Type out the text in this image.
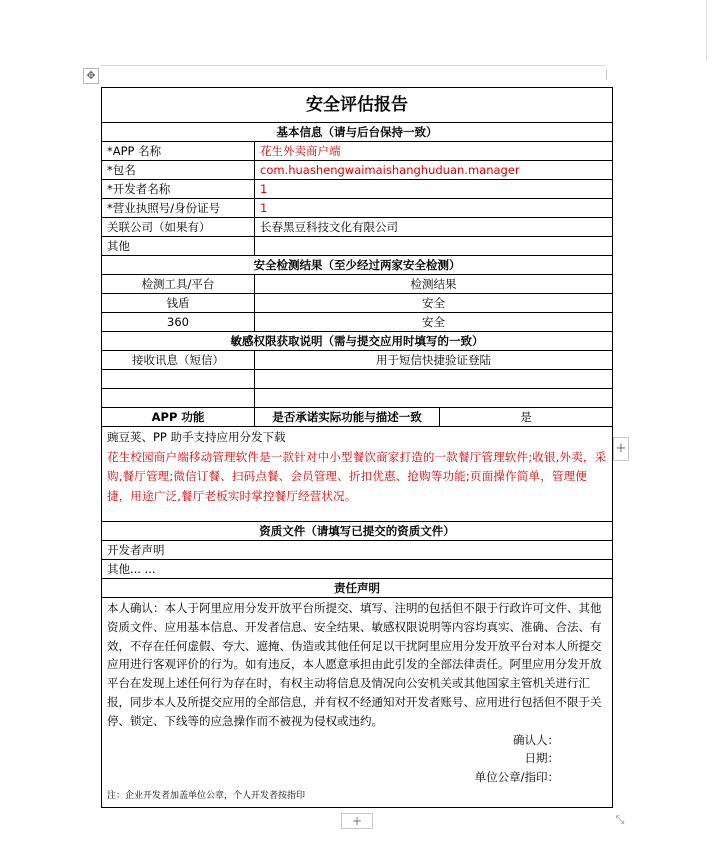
✥
安全评估报告		
基本信息（请与后台保持一致）		
*APP 名称	花生外卖商户端	
*包名	com.huashengwaimaishanghuduan.manager	
*开发者名称	1	
*营业执照号/身份证号	1	
关联公司（如果有）	长春黑豆科技文化有限公司	
其他		
安全检测结果（至少经过两家安全检测）		
检测工具/平台	检测结果	
钱盾	安全	
360	安全	
敏感权限获取说明（需与提交应用时填写的一致）		
接收讯息（短信）	用于短信快捷验证登陆	

APP 功能	是否承诺实际功能与描述一致	是

豌豆荚、PP 助手支持应用分发下载
花生校园商户端移动管理软件是一款针对中小型餐饮商家打造的一款餐厅管理软件;收银,外卖，采购,餐厅管理;微信订餐、扫码点餐、会员管理、折扣优惠、抢购等功能;页面操作简单，管理便捷，用途广泛,餐厅老板实时掌控餐厅经营状况。		

资质文件（请填写已提交的资质文件）		
开发者声明		
其他... ...		
责任声明		

本人确认：本人于阿里应用分发开放平台所提交、填写、注明的包括但不限于行政许可文件、其他资质文件、应用基本信息、开发者信息、安全结果、敏感权限说明等内容均真实、准确、合法、有效，不存在任何虚假、夸大、遮掩、伪造或其他任何足以干扰阿里应用分发开放平台对本人所提交应用进行客观评价的行为。如有违反，本人愿意承担由此引发的全部法律责任。阿里应用分发开放平台在发现上述任何行为存在时，有权主动将信息及情况向公安机关或其他国家主管机关进行汇报，同步本人及所提交应用的全部信息，并有权不经通知对开发者账号、应用进行包括但不限于关停、锁定、下线等的应急操作而不被视为侵权或违约。
确认人：
日期：
单位公章/指印：
注：企业开发者加盖单位公章，个人开发者按指印		
+
+	⤡
